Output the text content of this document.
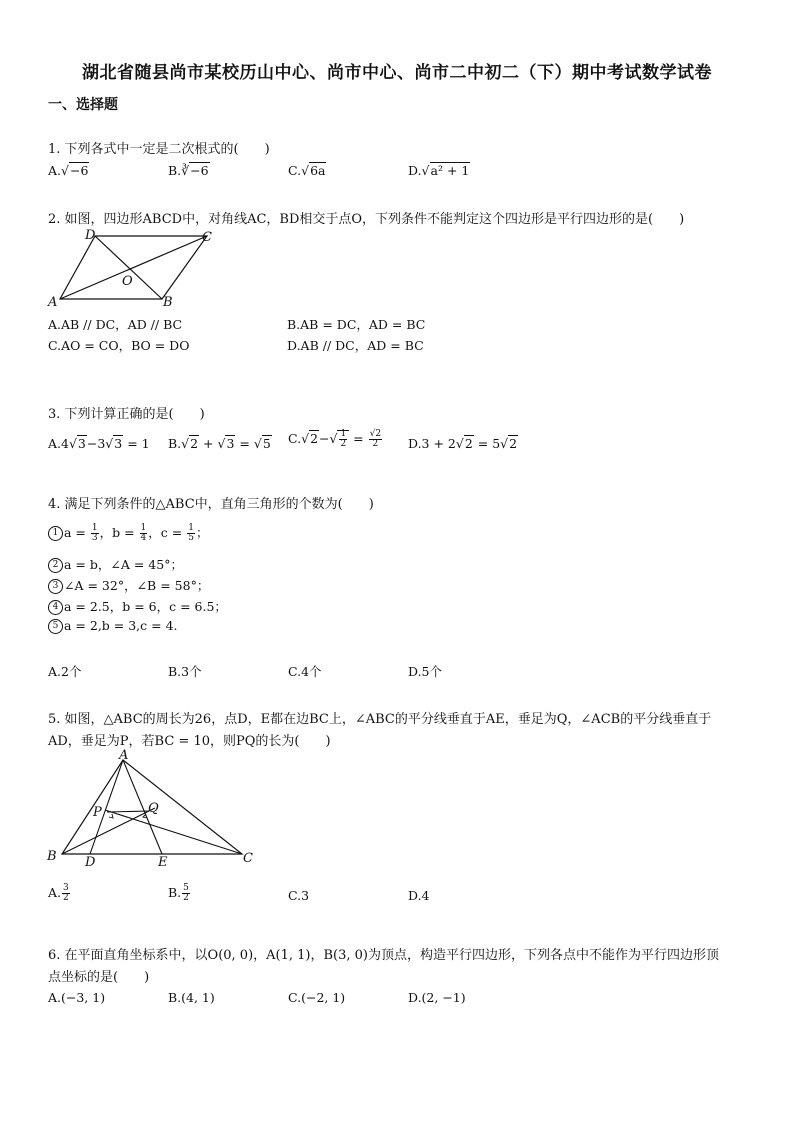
湖北省随县尚市某校历山中心、尚市中心、尚市二中初二（下）期中考试数学试卷
一、选择题
1. 下列各式中一定是二次根式的(　　)
A.√−6	B.∛−6	C.√6a	D.√a² + 1
2. 如图，四边形ABCD中，对角线AC，BD相交于点O，下列条件不能判定这个四边形是平行四边形的是(　　)
A	B
C
D
O
A.AB // DC，AD // BC	B.AB = DC，AD = BC
C.AO = CO，BO = DO	D.AB // DC，AD = BC
3. 下列计算正确的是(　　)
A.4√3−3√3 = 1 B.√2 + √3 = √5 $C.√2-√ \frac{1}{2} = \frac{√2}{2} D.3 + 2√2 = 5√2$
4. 满足下列条件的△ABC中，直角三角形的个数为(　　)
1 $a = \frac{1}{3}$ ，$b = \frac{1}{4}$ ，$c = \frac{1}{5}$ ；
2 a = b，∠A = 45°；
3 ∠A = 32°，∠B = 58°；
4 a = 2.5，b = 6，c = 6.5；
5 a = 2,b = 3,c = 4.
A.2个	B.3个	C.4个	D.5个
5. 如图，△ABC的周长为26，点D，E都在边BC上，∠ABC的平分线垂直于AE，垂足为Q，∠ACB的平分线垂直于
AD，垂足为P，若BC = 10，则PQ的长为(　　)
A
B	C
D	E
P	Q
A. $\frac{3}{2}$	B. $\frac{5}{2}$	C.3	D.4
6. 在平面直角坐标系中，以O(0, 0)，A(1, 1)，B(3, 0)为顶点，构造平行四边形，下列各点中不能作为平行四边形顶
点坐标的是(　　)
A.(−3, 1)	B.(4, 1)	C.(−2, 1)	D.(2, −1)
